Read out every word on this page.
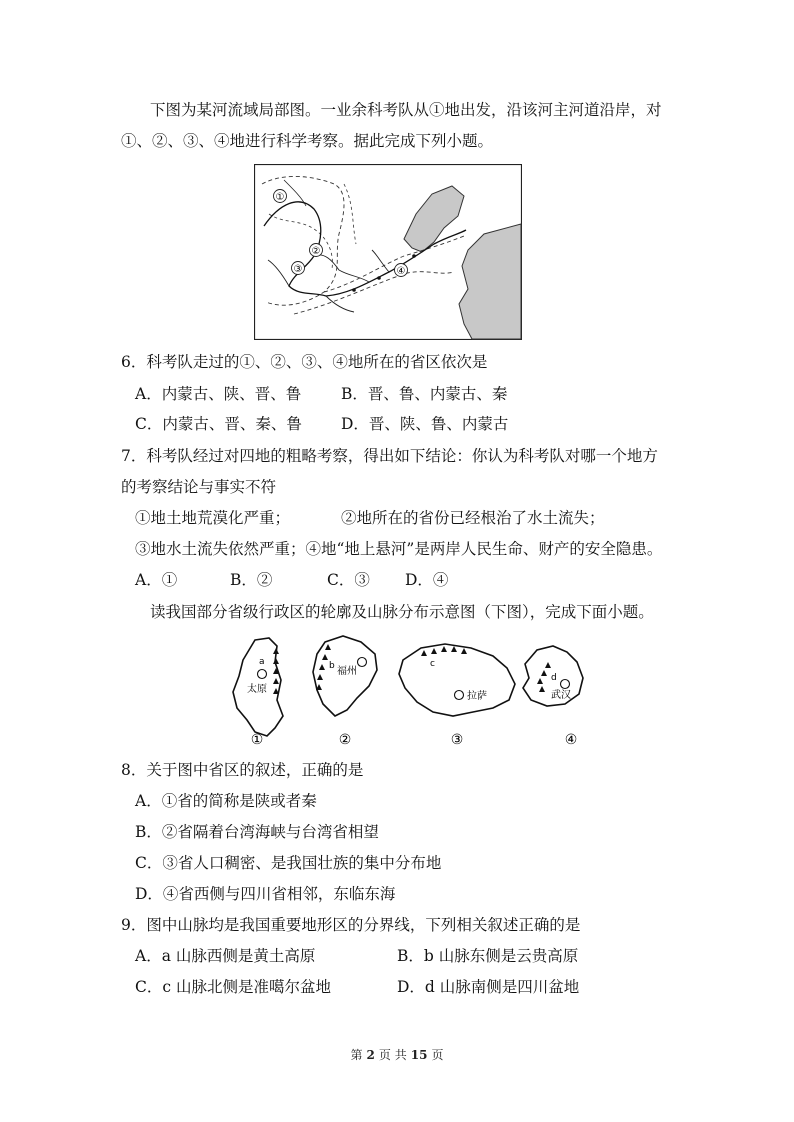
下图为某河流域局部图。一业余科考队从①地出发，沿该河主河道沿岸，对
①、②、③、④地进行科学考察。据此完成下列小题。
①
②
③	④
6．科考队走过的①、②、③、④地所在的省区依次是
A．内蒙古、陕、晋、鲁	B．晋、鲁、内蒙古、秦
C．内蒙古、晋、秦、鲁	D．晋、陕、鲁、内蒙古
7．科考队经过对四地的粗略考察，得出如下结论：你认为科考队对哪一个地方
的考察结论与事实不符
①地土地荒漠化严重；	②地所在的省份已经根治了水土流失；
③地水土流失依然严重；④地“地上悬河”是两岸人民生命、财产的安全隐患。
A．①	B．②	C．③ D．④
读我国部分省级行政区的轮廓及山脉分布示意图（下图），完成下面小题。
a
太原
b 福州
c
拉萨
d
武汉
①	②	③	④
8．关于图中省区的叙述，正确的是
A．①省的简称是陕或者秦
B．②省隔着台湾海峡与台湾省相望
C．③省人口稠密、是我国壮族的集中分布地
D．④省西侧与四川省相邻，东临东海
9．图中山脉均是我国重要地形区的分界线，下列相关叙述正确的是
A．a 山脉西侧是黄土高原	B．b 山脉东侧是云贵高原
C．c 山脉北侧是准噶尔盆地	D．d 山脉南侧是四川盆地
第 2 页 共 15 页
